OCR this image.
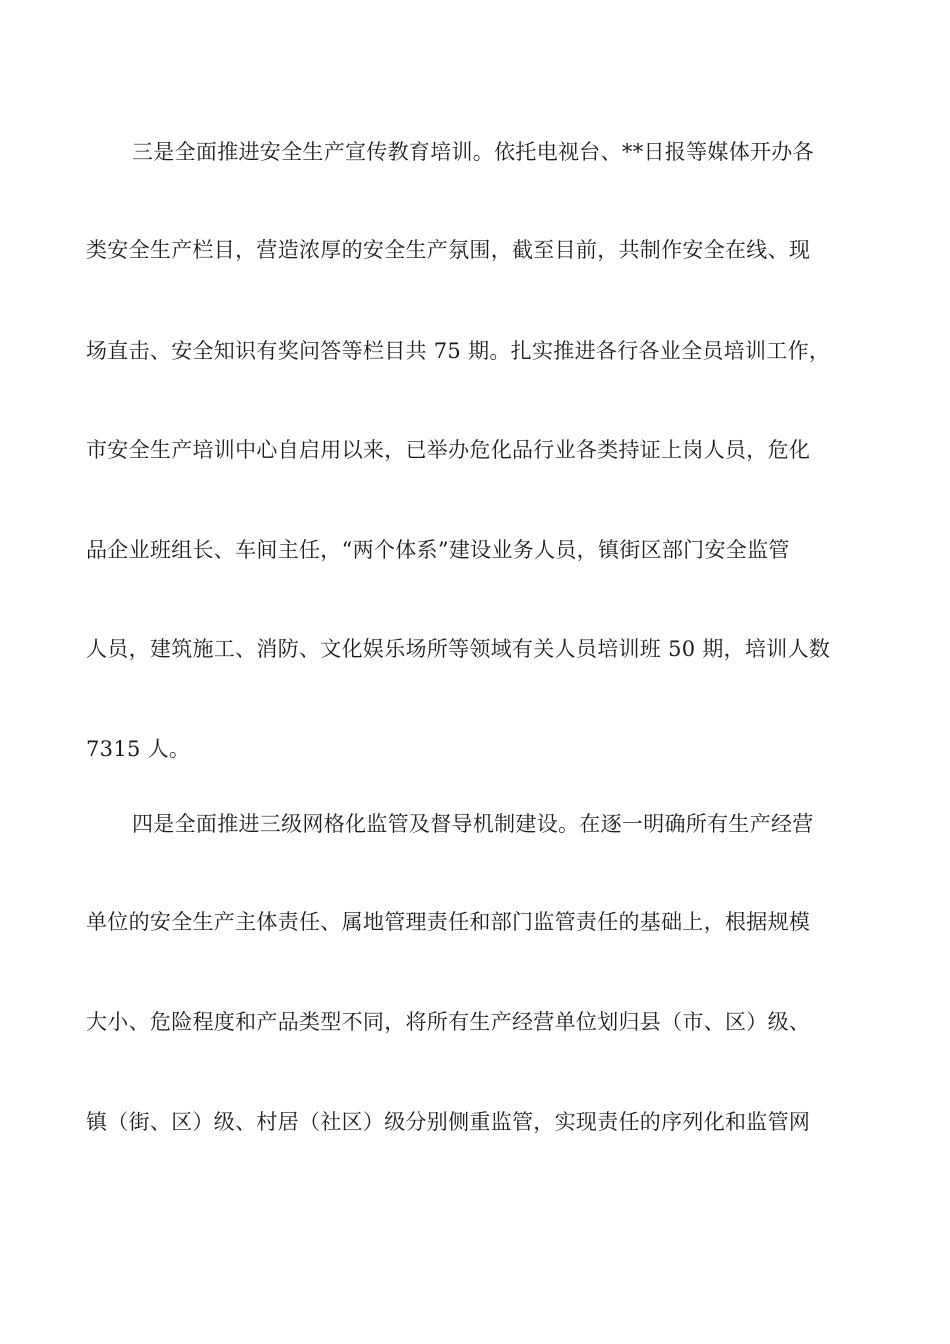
三是全面推进安全生产宣传教育培训。依托电视台、**日报等媒体开办各
类安全生产栏目，营造浓厚的安全生产氛围，截至目前，共制作安全在线、现
场直击、安全知识有奖问答等栏目共 75 期。扎实推进各行各业全员培训工作，
市安全生产培训中心自启用以来，已举办危化品行业各类持证上岗人员，危化
品企业班组长、车间主任，“两个体系”建设业务人员，镇街区部门安全监管
人员，建筑施工、消防、文化娱乐场所等领域有关人员培训班 50 期，培训人数
7315 人。
四是全面推进三级网格化监管及督导机制建设。在逐一明确所有生产经营
单位的安全生产主体责任、属地管理责任和部门监管责任的基础上，根据规模
大小、危险程度和产品类型不同，将所有生产经营单位划归县（市、区）级、
镇（街、区）级、村居（社区）级分别侧重监管，实现责任的序列化和监管网
